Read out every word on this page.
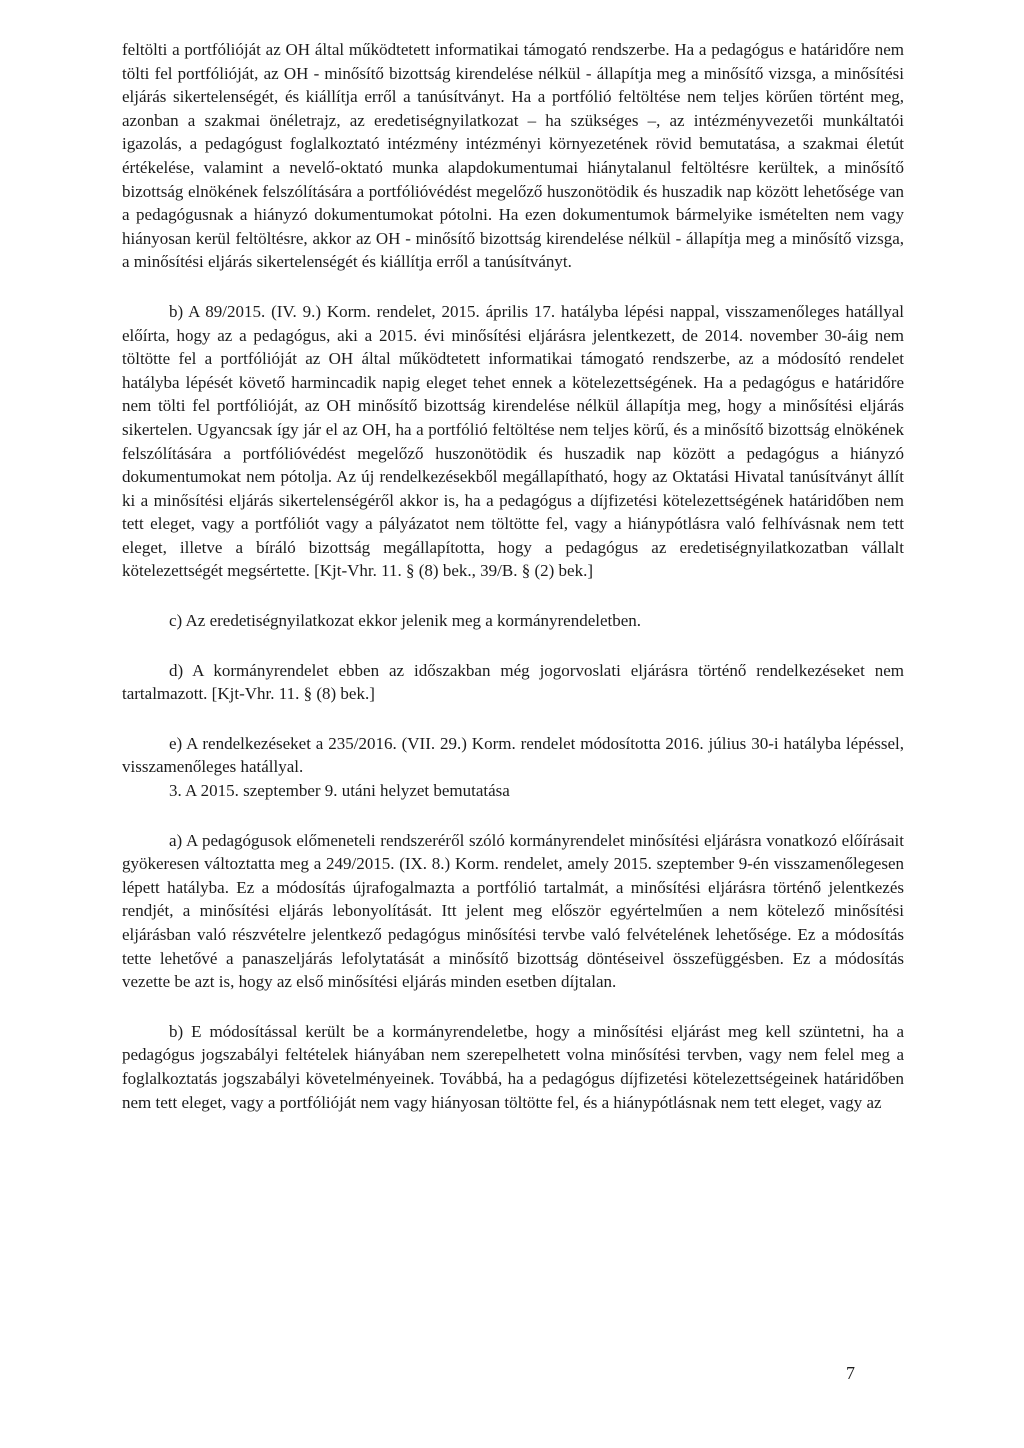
feltölti a portfólióját az OH által működtetett informatikai támogató rendszerbe. Ha a pedagógus e határidőre nem tölti fel portfólióját, az OH - minősítő bizottság kirendelése nélkül - állapítja meg a minősítő vizsga, a minősítési eljárás sikertelenségét, és kiállítja erről a tanúsítványt. Ha a portfólió feltöltése nem teljes körűen történt meg, azonban a szakmai önéletrajz, az eredetiségnyilatkozat – ha szükséges –, az intézményvezetői munkáltatói igazolás, a pedagógust foglalkoztató intézmény intézményi környezetének rövid bemutatása, a szakmai életút értékelése, valamint a nevelő-oktató munka alapdokumentumai hiánytalanul feltöltésre kerültek, a minősítő bizottság elnökének felszólítására a portfólióvédést megelőző huszonötödik és huszadik nap között lehetősége van a pedagógusnak a hiányzó dokumentumokat pótolni. Ha ezen dokumentumok bármelyike ismételten nem vagy hiányosan kerül feltöltésre, akkor az OH - minősítő bizottság kirendelése nélkül - állapítja meg a minősítő vizsga, a minősítési eljárás sikertelenségét és kiállítja erről a tanúsítványt.

b) A 89/2015. (IV. 9.) Korm. rendelet, 2015. április 17. hatályba lépési nappal, visszamenőleges hatállyal előírta, hogy az a pedagógus, aki a 2015. évi minősítési eljárásra jelentkezett, de 2014. november 30-áig nem töltötte fel a portfólióját az OH által működtetett informatikai támogató rendszerbe, az a módosító rendelet hatályba lépését követő harmincadik napig eleget tehet ennek a kötelezettségének. Ha a pedagógus e határidőre nem tölti fel portfólióját, az OH minősítő bizottság kirendelése nélkül állapítja meg, hogy a minősítési eljárás sikertelen. Ugyancsak így jár el az OH, ha a portfólió feltöltése nem teljes körű, és a minősítő bizottság elnökének felszólítására a portfólióvédést megelőző huszonötödik és huszadik nap között a pedagógus a hiányzó dokumentumokat nem pótolja. Az új rendelkezésekből megállapítható, hogy az Oktatási Hivatal tanúsítványt állít ki a minősítési eljárás sikertelenségéről akkor is, ha a pedagógus a díjfizetési kötelezettségének határidőben nem tett eleget, vagy a portfóliót vagy a pályázatot nem töltötte fel, vagy a hiánypótlásra való felhívásnak nem tett eleget, illetve a bíráló bizottság megállapította, hogy a pedagógus az eredetiségnyilatkozatban vállalt kötelezettségét megsértette. [Kjt-Vhr. 11. § (8) bek., 39/B. § (2) bek.]

c) Az eredetiségnyilatkozat ekkor jelenik meg a kormányrendeletben.

d) A kormányrendelet ebben az időszakban még jogorvoslati eljárásra történő rendelkezéseket nem tartalmazott. [Kjt-Vhr. 11. § (8) bek.]

e) A rendelkezéseket a 235/2016. (VII. 29.) Korm. rendelet módosította 2016. július 30-i hatályba lépéssel, visszamenőleges hatállyal.

3. A 2015. szeptember 9. utáni helyzet bemutatása

a) A pedagógusok előmeneteli rendszeréről szóló kormányrendelet minősítési eljárásra vonatkozó előírásait gyökeresen változtatta meg a 249/2015. (IX. 8.) Korm. rendelet, amely 2015. szeptember 9-én visszamenőlegesen lépett hatályba. Ez a módosítás újrafogalmazta a portfólió tartalmát, a minősítési eljárásra történő jelentkezés rendjét, a minősítési eljárás lebonyolítását. Itt jelent meg először egyértelműen a nem kötelező minősítési eljárásban való részvételre jelentkező pedagógus minősítési tervbe való felvételének lehetősége. Ez a módosítás tette lehetővé a panaszeljárás lefolytatását a minősítő bizottság döntéseivel összefüggésben. Ez a módosítás vezette be azt is, hogy az első minősítési eljárás minden esetben díjtalan.

b) E módosítással került be a kormányrendeletbe, hogy a minősítési eljárást meg kell szüntetni, ha a pedagógus jogszabályi feltételek hiányában nem szerepelhetett volna minősítési tervben, vagy nem felel meg a foglalkoztatás jogszabályi követelményeinek. Továbbá, ha a pedagógus díjfizetési kötelezettségeinek határidőben nem tett eleget, vagy a portfólióját nem vagy hiányosan töltötte fel, és a hiánypótlásnak nem tett eleget, vagy az

7
